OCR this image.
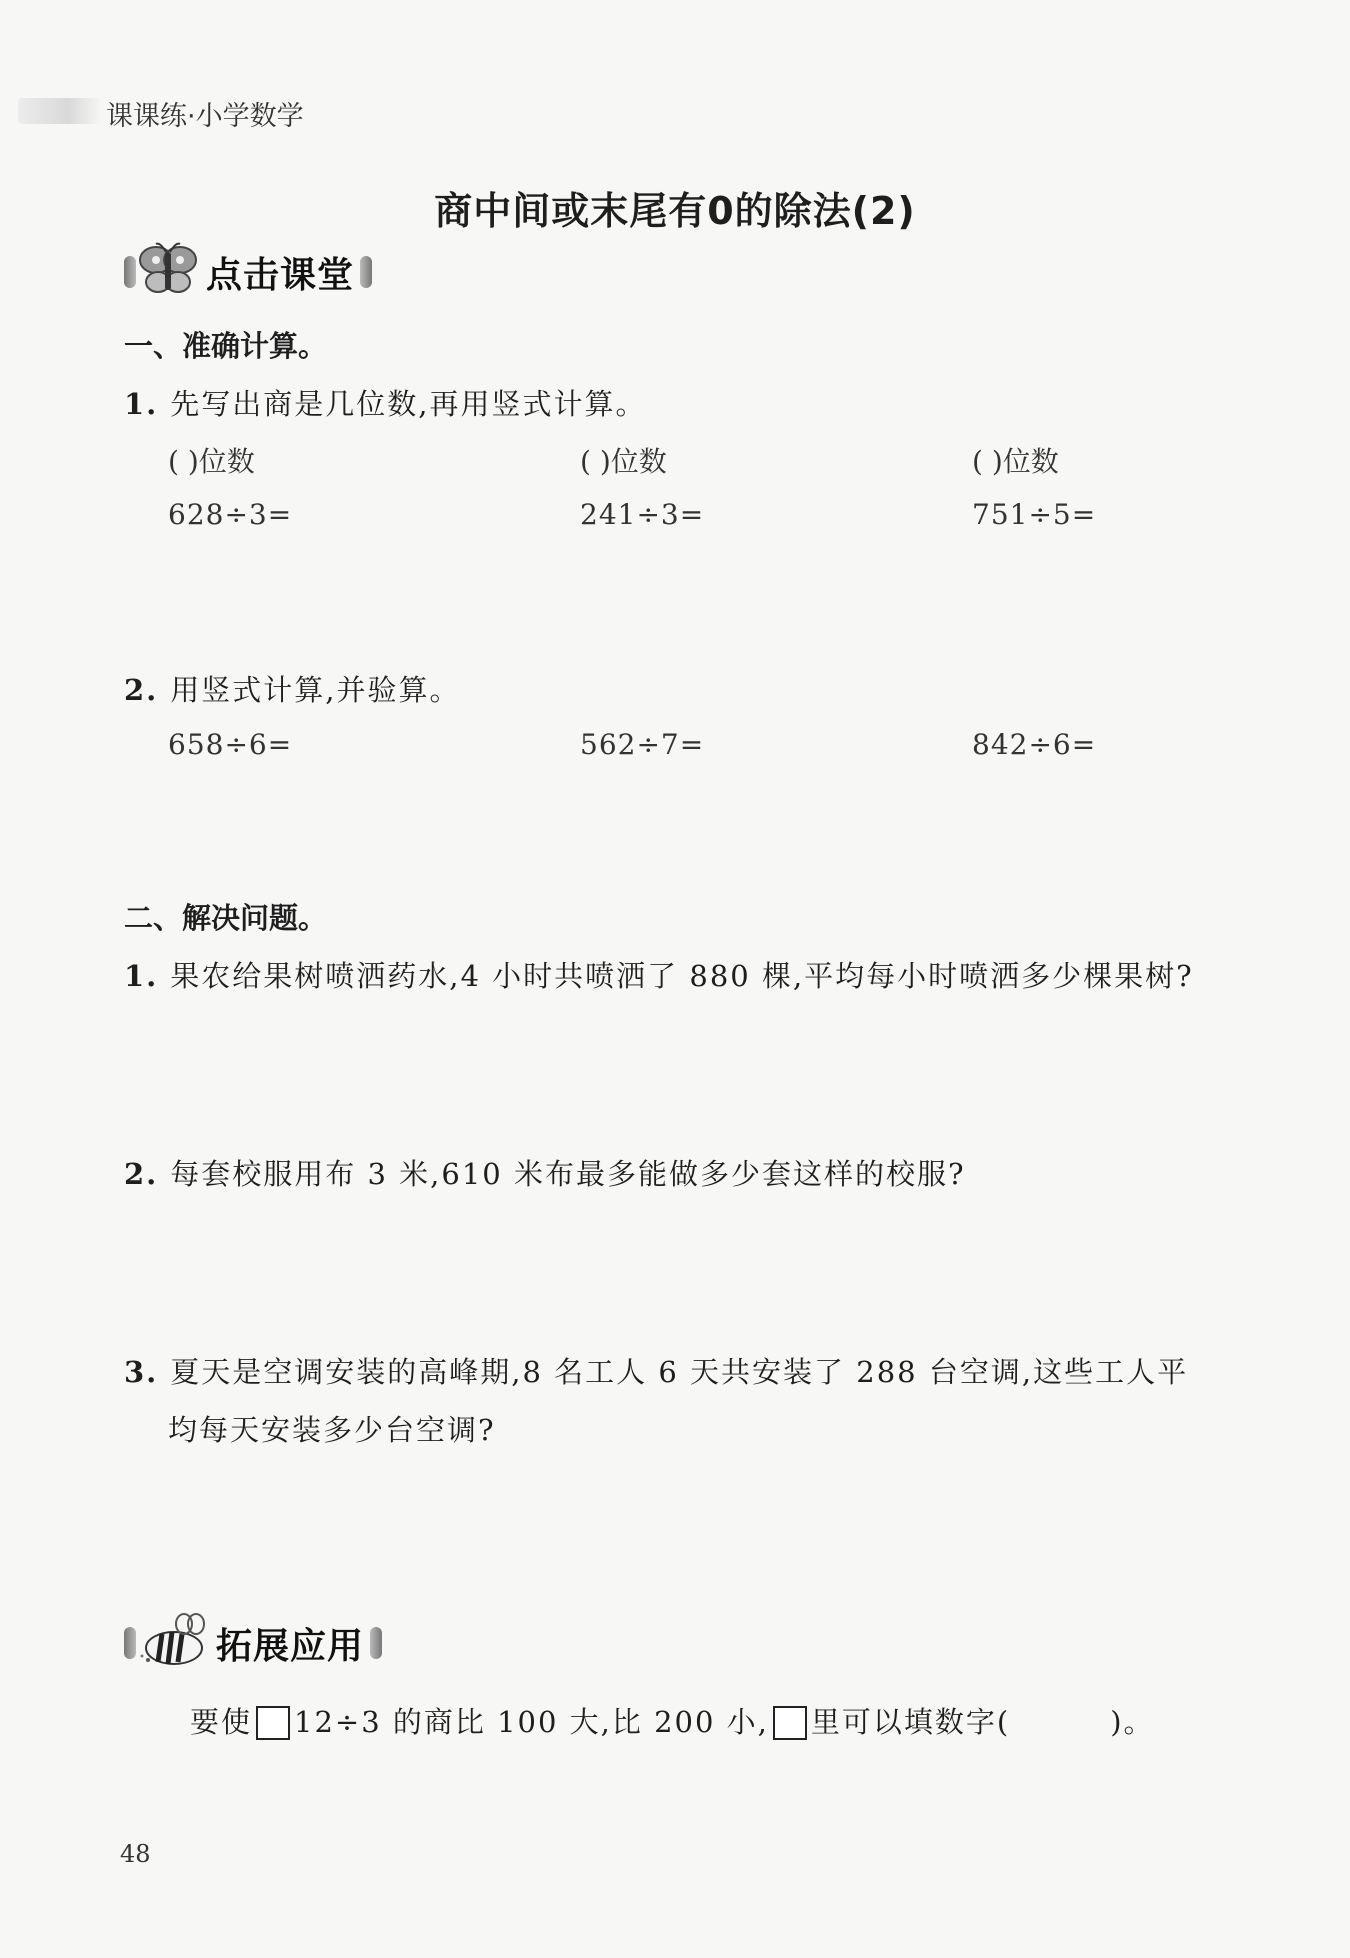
课课练·小学数学
商中间或末尾有0的除法(2)
点击课堂
一、准确计算。
1. 先写出商是几位数,再用竖式计算。
( )位数	( )位数	( )位数
628÷3=	241÷3=	751÷5=
2. 用竖式计算,并验算。
658÷6=	562÷7=	842÷6=
二、解决问题。
1. 果农给果树喷洒药水,4 小时共喷洒了 880 棵,平均每小时喷洒多少棵果树?
2. 每套校服用布 3 米,610 米布最多能做多少套这样的校服?
3. 夏天是空调安装的高峰期,8 名工人 6 天共安装了 288 台空调,这些工人平
均每天安装多少台空调?
拓展应用
要使 12÷3 的商比 100 大,比 200 小, 里可以填数字(	)。
48
